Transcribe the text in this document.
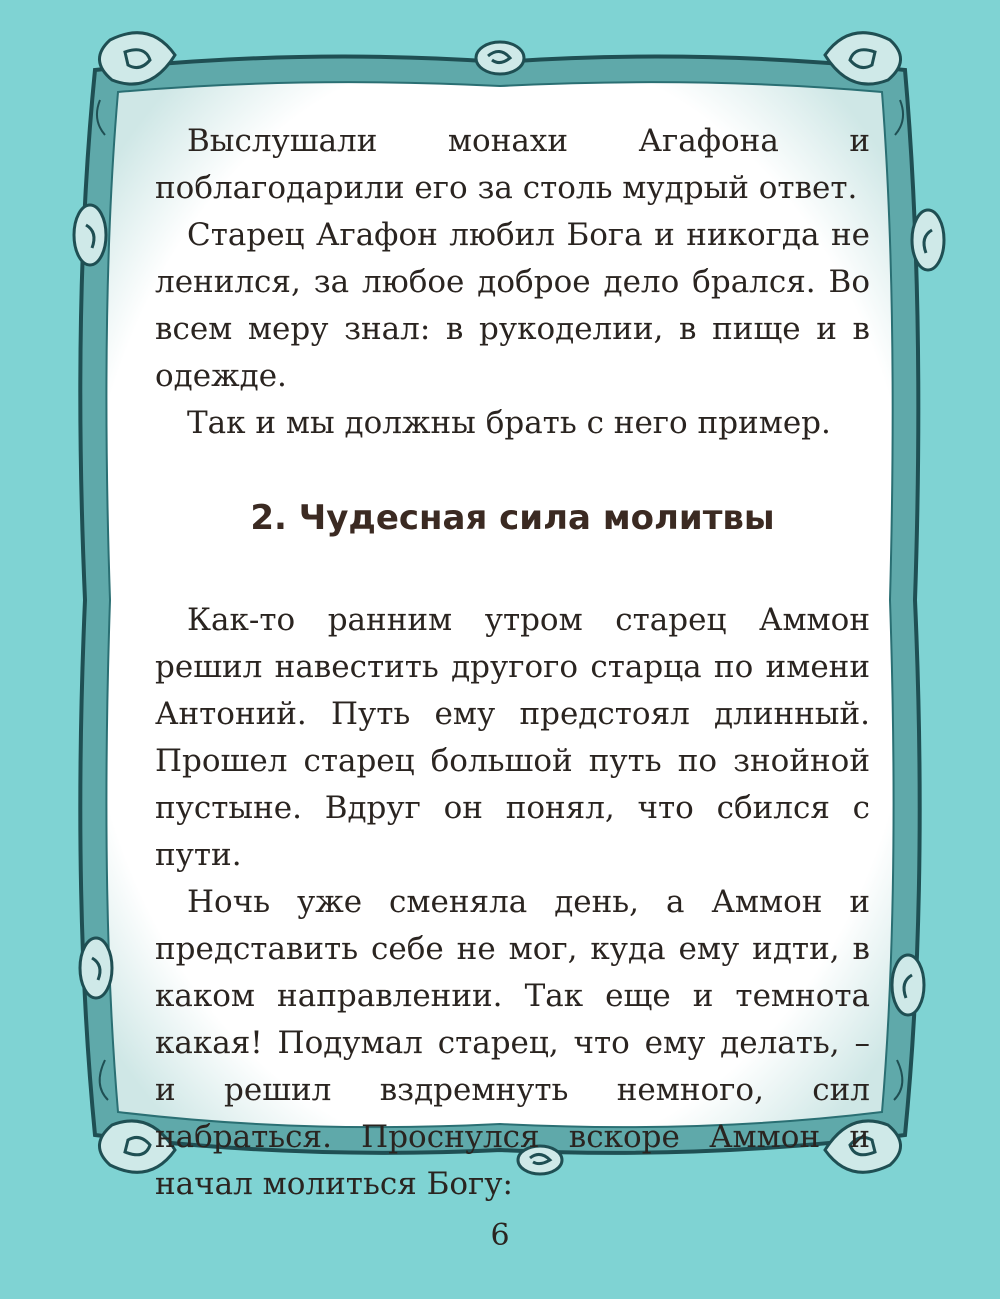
Выслушали монахи Агафона и поблагодарили его за столь мудрый ответ.

Старец Агафон любил Бога и никогда не ленился, за любое доброе дело брался. Во всем меру знал: в рукоделии, в пище и в одежде.

Так и мы должны брать с него пример.

2. Чудесная сила молитвы

Как-то ранним утром старец Аммон решил навестить другого старца по имени Антоний. Путь ему предстоял длинный. Прошел старец большой путь по знойной пустыне. Вдруг он понял, что сбился с пути.

Ночь уже сменяла день, а Аммон и представить себе не мог, куда ему идти, в каком направлении. Так еще и темнота какая! Подумал старец, что ему делать, – и решил вздремнуть немного, сил набраться. Проснулся вскоре Аммон и начал молиться Богу:

6
